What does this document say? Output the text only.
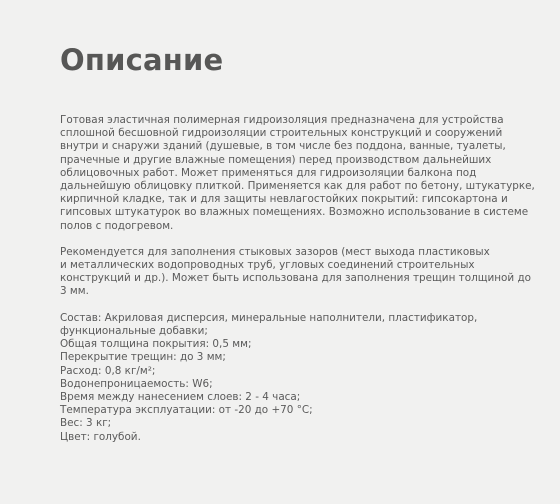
Описание

Готовая эластичная полимерная гидроизоляция предназначена для устройства
сплошной бесшовной гидроизоляции строительных конструкций и сооружений
внутри и снаружи зданий (душевые, в том числе без поддона, ванные, туалеты,
прачечные и другие влажные помещения) перед производством дальнейших
облицовочных работ. Может применяться для гидроизоляции балкона под
дальнейшую облицовку плиткой. Применяется как для работ по бетону, штукатурке,
кирпичной кладке, так и для защиты невлагостойких покрытий: гипсокартона и
гипсовых штукатурок во влажных помещениях. Возможно использование в системе
полов с подогревом.

Рекомендуется для заполнения стыковых зазоров (мест выхода пластиковых
и металлических водопроводных труб, угловых соединений строительных
конструкций и др.). Может быть использована для заполнения трещин толщиной до
3 мм.

Состав: Акриловая дисперсия, минеральные наполнители, пластификатор,
функциональные добавки;
Общая толщина покрытия: 0,5 мм;
Перекрытие трещин: до 3 мм;
Расход: 0,8 кг/м²;
Водонепроницаемость: W6;
Время между нанесением слоев: 2 - 4 часа;
Температура эксплуатации: от -20 до +70 °С;
Вес: 3 кг;
Цвет: голубой.
